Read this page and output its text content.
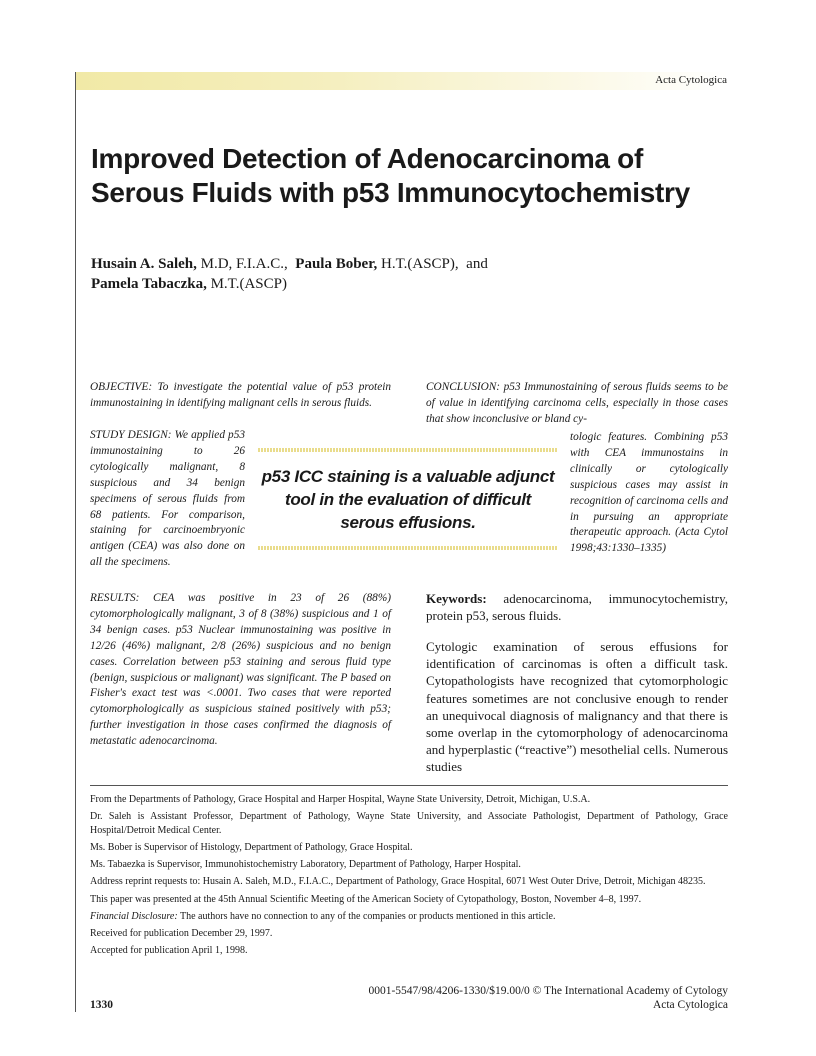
Acta Cytologica
Improved Detection of Adenocarcinoma of
Serous Fluids with p53 Immunocytochemistry
Husain A. Saleh, M.D, F.I.A.C., Paula Bober, H.T.(ASCP),  and
Pamela Tabaczka, M.T.(ASCP)
OBJECTIVE: To investigate the potential value of p53 protein immunostaining in identifying malignant cells in serous fluids.
STUDY DESIGN: We applied p53 immunostaining to 26 cytologically malignant, 8 suspicious and 34 benign specimens of serous fluids from 68 patients. For comparison, staining for carcinoembryonic antigen (CEA) was also done on all the specimens.
RESULTS: CEA was positive in 23 of 26 (88%) cytomorphologically malignant, 3 of 8 (38%) suspicious and 1 of 34 benign cases. p53 Nuclear immunostaining was positive in 12/26 (46%) malignant, 2/8 (26%) suspicious and no benign cases. Correlation between p53 staining and serous fluid type (benign, suspicious or malignant) was significant. The P based on Fisher's exact test was <.0001. Two cases that were reported cytomorphologically as suspicious stained positively with p53; further investigation in those cases confirmed the diagnosis of metastatic adenocarcinoma.
CONCLUSION: p53 Immunostaining of serous fluids seems to be of value in identifying carcinoma cells, especially in those cases that show inconclusive or bland cy-
tologic features. Combining p53 with CEA immunostains in clinically or cytologically suspicious cases may assist in recognition of carcinoma cells and in pursuing an appropriate therapeutic approach. (Acta Cytol 1998;43:1330–1335)
p53 ICC staining is a valuable adjunct tool in the evaluation of difficult serous effusions.
Keywords: adenocarcinoma, immunocytochemistry, protein p53, serous fluids.
Cytologic examination of serous effusions for identification of carcinomas is often a difficult task. Cytopathologists have recognized that cytomorphologic features sometimes are not conclusive enough to render an unequivocal diagnosis of malignancy and that there is some overlap in the cytomorphology of adenocarcinoma and hyperplastic (“reactive”) mesothelial cells. Numerous studies

From the Departments of Pathology, Grace Hospital and Harper Hospital, Wayne State University, Detroit, Michigan, U.S.A.

Dr. Saleh is Assistant Professor, Department of Pathology, Wayne State University, and Associate Pathologist, Department of Pathology, Grace Hospital/Detroit Medical Center.

Ms. Bober is Supervisor of Histology, Department of Pathology, Grace Hospital.

Ms. Tabaezka is Supervisor, Immunohistochemistry Laboratory, Department of Pathology, Harper Hospital.

Address reprint requests to: Husain A. Saleh, M.D., F.I.A.C., Department of Pathology, Grace Hospital, 6071 West Outer Drive, Detroit, Michigan 48235.

This paper was presented at the 45th Annual Scientific Meeting of the American Society of Cytopathology, Boston, November 4–8, 1997.

Financial Disclosure: The authors have no connection to any of the companies or products mentioned in this article.

Received for publication December 29, 1997.

Accepted for publication April 1, 1998.

0001-5547/98/4206-1330/$19.00/0 © The International Academy of Cytology
1330	Acta Cytologica
